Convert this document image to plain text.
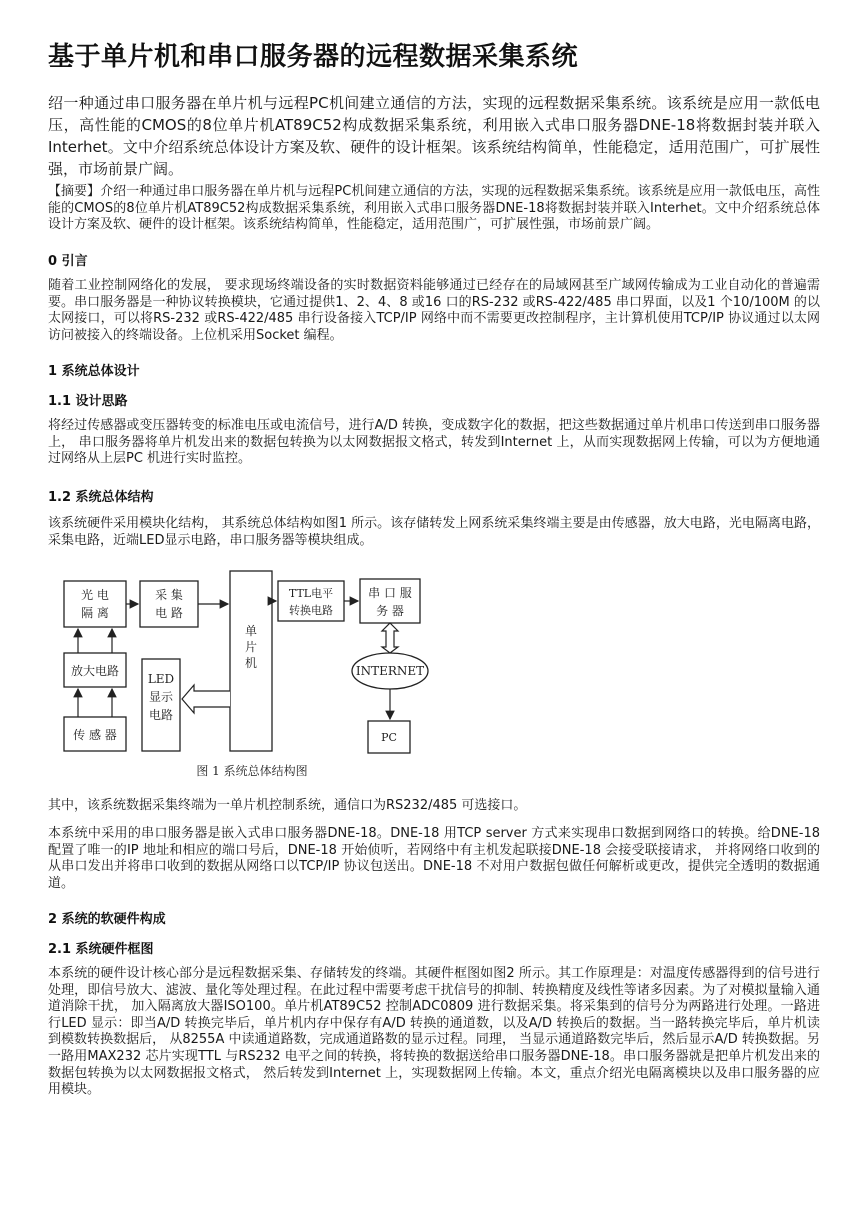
基于单片机和串口服务器的远程数据采集系统

绍一种通过串口服务器在单片机与远程PC机间建立通信的方法，实现的远程数据采集系统。该系统是应用一款低电压，高性能的CMOS的8位单片机AT89C52构成数据采集系统，利用嵌入式串口服务器DNE-18将数据封装并联入Interhet。文中介绍系统总体设计方案及软、硬件的设计框架。该系统结构简单，性能稳定，适用范围广，可扩展性强，市场前景广阔。

【摘要】介绍一种通过串口服务器在单片机与远程PC机间建立通信的方法，实现的远程数据采集系统。该系统是应用一款低电压，高性能的CMOS的8位单片机AT89C52构成数据采集系统，利用嵌入式串口服务器DNE-18将数据封装并联入Interhet。文中介绍系统总体设计方案及软、硬件的设计框架。该系统结构简单，性能稳定，适用范围广，可扩展性强，市场前景广阔。

0 引言

随着工业控制网络化的发展， 要求现场终端设备的实时数据资料能够通过已经存在的局域网甚至广域网传输成为工业自动化的普遍需要。串口服务器是一种协议转换模块，它通过提供1、2、4、8 或16 口的RS-232 或RS-422/485 串口界面，以及1 个10/100M 的以太网接口，可以将RS-232 或RS-422/485 串行设备接入TCP/IP 网络中而不需要更改控制程序，主计算机使用TCP/IP 协议通过以太网访问被接入的终端设备。上位机采用Socket 编程。

1 系统总体设计

1.1 设计思路

将经过传感器或变压器转变的标准电压或电流信号，进行A/D 转换，变成数字化的数据，把这些数据通过单片机串口传送到串口服务器上， 串口服务器将单片机发出来的数据包转换为以太网数据报文格式，转发到Internet 上，从而实现数据网上传输，可以为方便地通过网络从上层PC 机进行实时监控。

1.2 系统总体结构

该系统硬件采用模块化结构， 其系统总体结构如图1 所示。该存储转发上网系统采集终端主要是由传感器，放大电路，光电隔离电路，采集电路，近端LED显示电路，串口服务器等模块组成。

光 电
隔 离
采 集
电 路
TTL电平
转换电路
串 口 服
务 器
单
片
机
放大电路
LED
显示
电路
INTERNET
传 感 器	PC
图 1 系统总体结构图

其中，该系统数据采集终端为一单片机控制系统，通信口为RS232/485 可选接口。

本系统中采用的串口服务器是嵌入式串口服务器DNE-18。DNE-18 用TCP server 方式来实现串口数据到网络口的转换。给DNE-18 配置了唯一的IP 地址和相应的端口号后，DNE-18 开始侦听，若网络中有主机发起联接DNE-18 会接受联接请求， 并将网络口收到的从串口发出并将串口收到的数据从网络口以TCP/IP 协议包送出。DNE-18 不对用户数据包做任何解析或更改，提供完全透明的数据通道。

2 系统的软硬件构成

2.1 系统硬件框图

本系统的硬件设计核心部分是远程数据采集、存储转发的终端。其硬件框图如图2 所示。其工作原理是：对温度传感器得到的信号进行处理，即信号放大、滤波、量化等处理过程。在此过程中需要考虑干扰信号的抑制、转换精度及线性等诸多因素。为了对模拟量输入通道消除干扰， 加入隔离放大器ISO100。单片机AT89C52 控制ADC0809 进行数据采集。将采集到的信号分为两路进行处理。一路进行LED 显示：即当A/D 转换完毕后，单片机内存中保存有A/D 转换的通道数，以及A/D 转换后的数据。当一路转换完毕后，单片机读到模数转换数据后， 从8255A 中读通道路数，完成通道路数的显示过程。同理， 当显示通道路数完毕后，然后显示A/D 转换数据。另一路用MAX232 芯片实现TTL 与RS232 电平之间的转换，将转换的数据送给串口服务器DNE-18。串口服务器就是把单片机发出来的数据包转换为以太网数据报文格式， 然后转发到Internet 上，实现数据网上传输。本文，重点介绍光电隔离模块以及串口服务器的应用模块。
